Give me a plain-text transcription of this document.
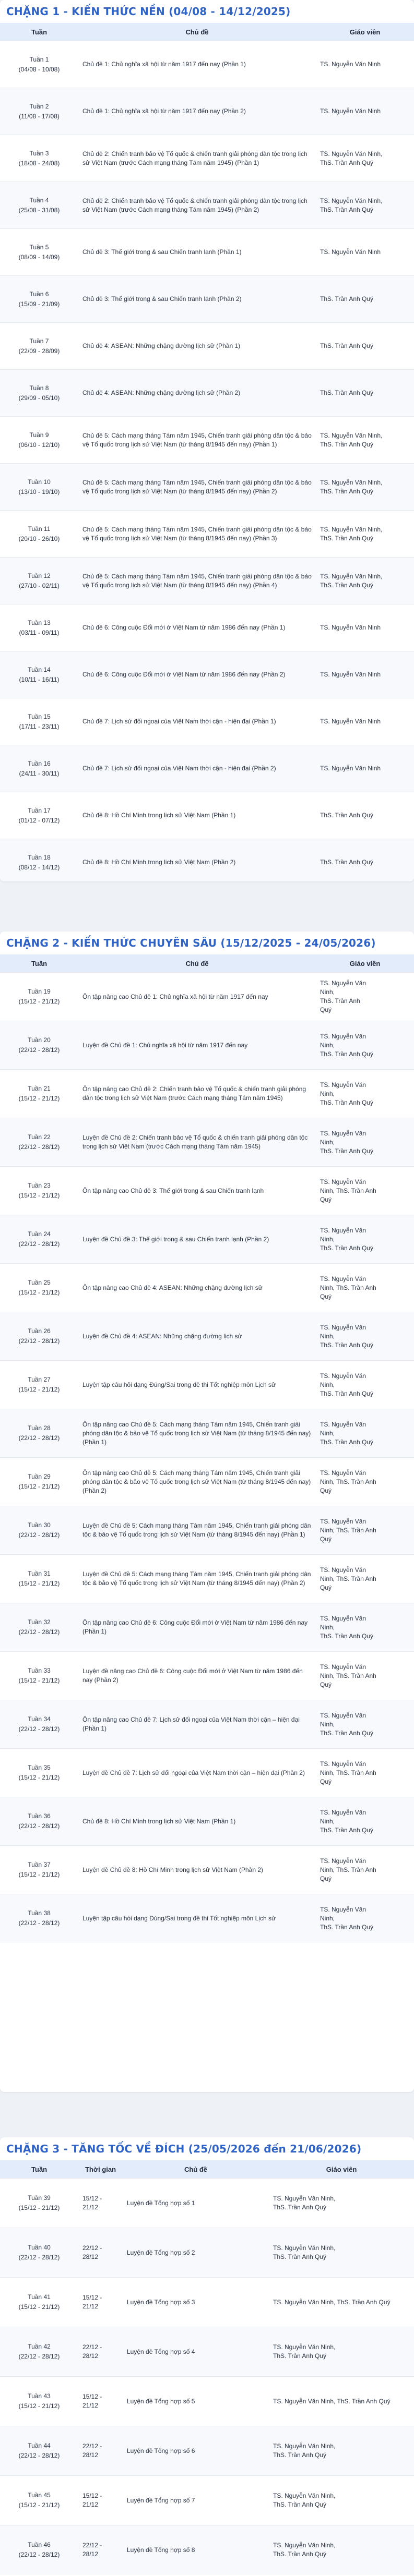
CHẶNG 1 - KIẾN THỨC NỀN (04/08 - 14/12/2025)
Tuần	Chủ đề	Giáo viên

Tuần 1
(04/08 - 10/08)	Chủ đề 1: Chủ nghĩa xã hội từ năm 1917 đến nay (Phần 1)	TS. Nguyễn Văn Ninh

Tuần 2
(11/08 - 17/08)	Chủ đề 1: Chủ nghĩa xã hội từ năm 1917 đến nay (Phần 2)	TS. Nguyễn Văn Ninh

Tuần 3
(18/08 - 24/08)	Chủ đề 2: Chiến tranh bảo vệ Tổ quốc & chiến tranh giải phóng dân tộc trong lịch sử Việt Nam (trước Cách mạng tháng Tám năm 1945) (Phần 1)	TS. Nguyễn Văn Ninh,
ThS. Trần Anh Quý

Tuần 4
(25/08 - 31/08)	Chủ đề 2: Chiến tranh bảo vệ Tổ quốc & chiến tranh giải phóng dân tộc trong lịch sử Việt Nam (trước Cách mạng tháng Tám năm 1945) (Phần 2)	TS. Nguyễn Văn Ninh,
ThS. Trần Anh Quý

Tuần 5
(08/09 - 14/09)	Chủ đề 3: Thế giới trong & sau Chiến tranh lạnh (Phần 1)	TS. Nguyễn Văn Ninh

Tuần 6
(15/09 - 21/09)	Chủ đề 3: Thế giới trong & sau Chiến tranh lạnh (Phần 2)	ThS. Trần Anh Quý

Tuần 7
(22/09 - 28/09)	Chủ đề 4: ASEAN: Những chặng đường lịch sử (Phần 1)	ThS. Trần Anh Quý

Tuần 8
(29/09 - 05/10)	Chủ đề 4: ASEAN: Những chặng đường lịch sử (Phần 2)	ThS. Trần Anh Quý

Tuần 9
(06/10 - 12/10)	Chủ đề 5: Cách mạng tháng Tám năm 1945, Chiến tranh giải phóng dân tộc & bảo vệ Tổ quốc trong lịch sử Việt Nam (từ tháng 8/1945 đến nay) (Phần 1)	TS. Nguyễn Văn Ninh,
ThS. Trần Anh Quý

Tuần 10
(13/10 - 19/10)	Chủ đề 5: Cách mạng tháng Tám năm 1945, Chiến tranh giải phóng dân tộc & bảo vệ Tổ quốc trong lịch sử Việt Nam (từ tháng 8/1945 đến nay) (Phần 2)	TS. Nguyễn Văn Ninh,
ThS. Trần Anh Quý

Tuần 11
(20/10 - 26/10)	Chủ đề 5: Cách mạng tháng Tám năm 1945, Chiến tranh giải phóng dân tộc & bảo vệ Tổ quốc trong lịch sử Việt Nam (từ tháng 8/1945 đến nay) (Phần 3)	TS. Nguyễn Văn Ninh,
ThS. Trần Anh Quý

Tuần 12
(27/10 - 02/11)	Chủ đề 5: Cách mạng tháng Tám năm 1945, Chiến tranh giải phóng dân tộc & bảo vệ Tổ quốc trong lịch sử Việt Nam (từ tháng 8/1945 đến nay) (Phần 4)	TS. Nguyễn Văn Ninh,
ThS. Trần Anh Quý

Tuần 13
(03/11 - 09/11)	Chủ đề 6: Công cuộc Đổi mới ở Việt Nam từ năm 1986 đến nay (Phần 1)	TS. Nguyễn Văn Ninh

Tuần 14
(10/11 - 16/11)	Chủ đề 6: Công cuộc Đổi mới ở Việt Nam từ năm 1986 đến nay (Phần 2)	TS. Nguyễn Văn Ninh

Tuần 15
(17/11 - 23/11)	Chủ đề 7: Lịch sử đối ngoại của Việt Nam thời cận - hiện đại (Phần 1)	TS. Nguyễn Văn Ninh

Tuần 16
(24/11 - 30/11)	Chủ đề 7: Lịch sử đối ngoại của Việt Nam thời cận - hiện đại (Phần 2)	TS. Nguyễn Văn Ninh

Tuần 17
(01/12 - 07/12)	Chủ đề 8: Hồ Chí Minh trong lịch sử Việt Nam (Phần 1)	ThS. Trần Anh Quý

Tuần 18
(08/12 - 14/12)	Chủ đề 8: Hồ Chí Minh trong lịch sử Việt Nam (Phần 2)	ThS. Trần Anh Quý
CHẶNG 2 - KIẾN THỨC CHUYÊN SÂU (15/12/2025 - 24/05/2026)
Tuần	Chủ đề	Giáo viên

Tuần 19
(15/12 - 21/12)	Ôn tập nâng cao Chủ đề 1: Chủ nghĩa xã hội từ năm 1917 đến nay	TS. Nguyễn Văn
Ninh,
ThS. Trần Anh
Quý

Tuần 20
(22/12 - 28/12)	Luyện đề Chủ đề 1: Chủ nghĩa xã hội từ năm 1917 đến nay	TS. Nguyễn Văn
Ninh,
ThS. Trần Anh Quý

Tuần 21
(15/12 - 21/12)	Ôn tập nâng cao Chủ đề 2: Chiến tranh bảo vệ Tổ quốc & chiến tranh giải phóng dân tộc trong lịch sử Việt Nam (trước Cách mạng tháng Tám năm 1945)	TS. Nguyễn Văn
Ninh,
ThS. Trần Anh Quý

Tuần 22
(22/12 - 28/12)	Luyện đề Chủ đề 2: Chiến tranh bảo vệ Tổ quốc & chiến tranh giải phóng dân tộc trong lịch sử Việt Nam (trước Cách mạng tháng Tám năm 1945)	TS. Nguyễn Văn
Ninh,
ThS. Trần Anh Quý

Tuần 23
(15/12 - 21/12)	Ôn tập nâng cao Chủ đề 3: Thế giới trong & sau Chiến tranh lạnh	TS. Nguyễn Văn
Ninh, ThS. Trần Anh
Quý

Tuần 24
(22/12 - 28/12)	Luyện đề Chủ đề 3: Thế giới trong & sau Chiến tranh lạnh (Phần 2)	TS. Nguyễn Văn
Ninh,
ThS. Trần Anh Quý

Tuần 25
(15/12 - 21/12)	Ôn tập nâng cao Chủ đề 4: ASEAN: Những chặng đường lịch sử	TS. Nguyễn Văn
Ninh, ThS. Trần Anh
Quý

Tuần 26
(22/12 - 28/12)	Luyện đề Chủ đề 4: ASEAN: Những chặng đường lịch sử	TS. Nguyễn Văn
Ninh,
ThS. Trần Anh Quý

Tuần 27
(15/12 - 21/12)	Luyện tập câu hỏi dạng Đúng/Sai trong đề thi Tốt nghiệp môn Lịch sử	TS. Nguyễn Văn
Ninh,
ThS. Trần Anh Quý

Tuần 28
(22/12 - 28/12)	Ôn tập nâng cao Chủ đề 5: Cách mạng tháng Tám năm 1945, Chiến tranh giải phóng dân tộc & bảo vệ Tổ quốc trong lịch sử Việt Nam (từ tháng 8/1945 đến nay) (Phần 1)	TS. Nguyễn Văn
Ninh,
ThS. Trần Anh Quý

Tuần 29
(15/12 - 21/12)	Ôn tập nâng cao Chủ đề 5: Cách mạng tháng Tám năm 1945, Chiến tranh giải phóng dân tộc & bảo vệ Tổ quốc trong lịch sử Việt Nam (từ tháng 8/1945 đến nay) (Phần 2)	TS. Nguyễn Văn
Ninh, ThS. Trần Anh
Quý

Tuần 30
(22/12 - 28/12)	Luyện đề Chủ đề 5: Cách mạng tháng Tám năm 1945, Chiến tranh giải phóng dân tộc & bảo vệ Tổ quốc trong lịch sử Việt Nam (từ tháng 8/1945 đến nay) (Phần 1)	TS. Nguyễn Văn
Ninh, ThS. Trần Anh
Quý

Tuần 31
(15/12 - 21/12)	Luyện đề Chủ đề 5: Cách mạng tháng Tám năm 1945, Chiến tranh giải phóng dân tộc & bảo vệ Tổ quốc trong lịch sử Việt Nam (từ tháng 8/1945 đến nay) (Phần 2)	TS. Nguyễn Văn
Ninh, ThS. Trần Anh
Quý

Tuần 32
(22/12 - 28/12)	Ôn tập nâng cao Chủ đề 6: Công cuộc Đổi mới ở Việt Nam từ năm 1986 đến nay (Phần 1)	TS. Nguyễn Văn
Ninh,
ThS. Trần Anh Quý

Tuần 33
(15/12 - 21/12)	Luyện đề nâng cao Chủ đề 6: Công cuộc Đổi mới ở Việt Nam từ năm 1986 đến nay (Phần 2)	TS. Nguyễn Văn
Ninh, ThS. Trần Anh
Quý

Tuần 34
(22/12 - 28/12)	Ôn tập nâng cao Chủ đề 7: Lịch sử đối ngoại của Việt Nam thời cận – hiện đại (Phần 1)	TS. Nguyễn Văn
Ninh,
ThS. Trần Anh Quý

Tuần 35
(15/12 - 21/12)	Luyện đề Chủ đề 7: Lịch sử đối ngoại của Việt Nam thời cận – hiện đại (Phần 2)	TS. Nguyễn Văn
Ninh, ThS. Trần Anh
Quý

Tuần 36
(22/12 - 28/12)	Chủ đề 8: Hồ Chí Minh trong lịch sử Việt Nam (Phần 1)	TS. Nguyễn Văn
Ninh,
ThS. Trần Anh Quý

Tuần 37
(15/12 - 21/12)	Luyện đề Chủ đề 8: Hồ Chí Minh trong lịch sử Việt Nam (Phần 2)	TS. Nguyễn Văn
Ninh, ThS. Trần Anh
Quý

Tuần 38
(22/12 - 28/12)	Luyện tập câu hỏi dạng Đúng/Sai trong đề thi Tốt nghiệp môn Lịch sử	TS. Nguyễn Văn
Ninh,
ThS. Trần Anh Quý
CHẶNG 3 - TĂNG TỐC VỀ ĐÍCH (25/05/2026 đến 21/06/2026)
Tuần	Thời gian	Chủ đề	Giáo viên

Tuần 39
(15/12 - 21/12)	15/12 -
21/12	Luyện đề Tổng hợp số 1	TS. Nguyễn Văn Ninh,
ThS. Trần Anh Quý

Tuần 40
(22/12 - 28/12)	22/12 -
28/12	Luyện đề Tổng hợp số 2	TS. Nguyễn Văn Ninh,
ThS. Trần Anh Quý

Tuần 41
(15/12 - 21/12)	15/12 -
21/12	Luyện đề Tổng hợp số 3	TS. Nguyễn Văn Ninh, ThS. Trần Anh Quý

Tuần 42
(22/12 - 28/12)	22/12 -
28/12	Luyện đề Tổng hợp số 4	TS. Nguyễn Văn Ninh,
ThS. Trần Anh Quý

Tuần 43
(15/12 - 21/12)	15/12 -
21/12	Luyện đề Tổng hợp số 5	TS. Nguyễn Văn Ninh, ThS. Trần Anh Quý

Tuần 44
(22/12 - 28/12)	22/12 -
28/12	Luyện đề Tổng hợp số 6	TS. Nguyễn Văn Ninh,
ThS. Trần Anh Quý

Tuần 45
(15/12 - 21/12)	15/12 -
21/12	Luyện đề Tổng hợp số 7	TS. Nguyễn Văn Ninh,
ThS. Trần Anh Quý

Tuần 46
(22/12 - 28/12)	22/12 -
28/12	Luyện đề Tổng hợp số 8	TS. Nguyễn Văn Ninh,
ThS. Trần Anh Quý
